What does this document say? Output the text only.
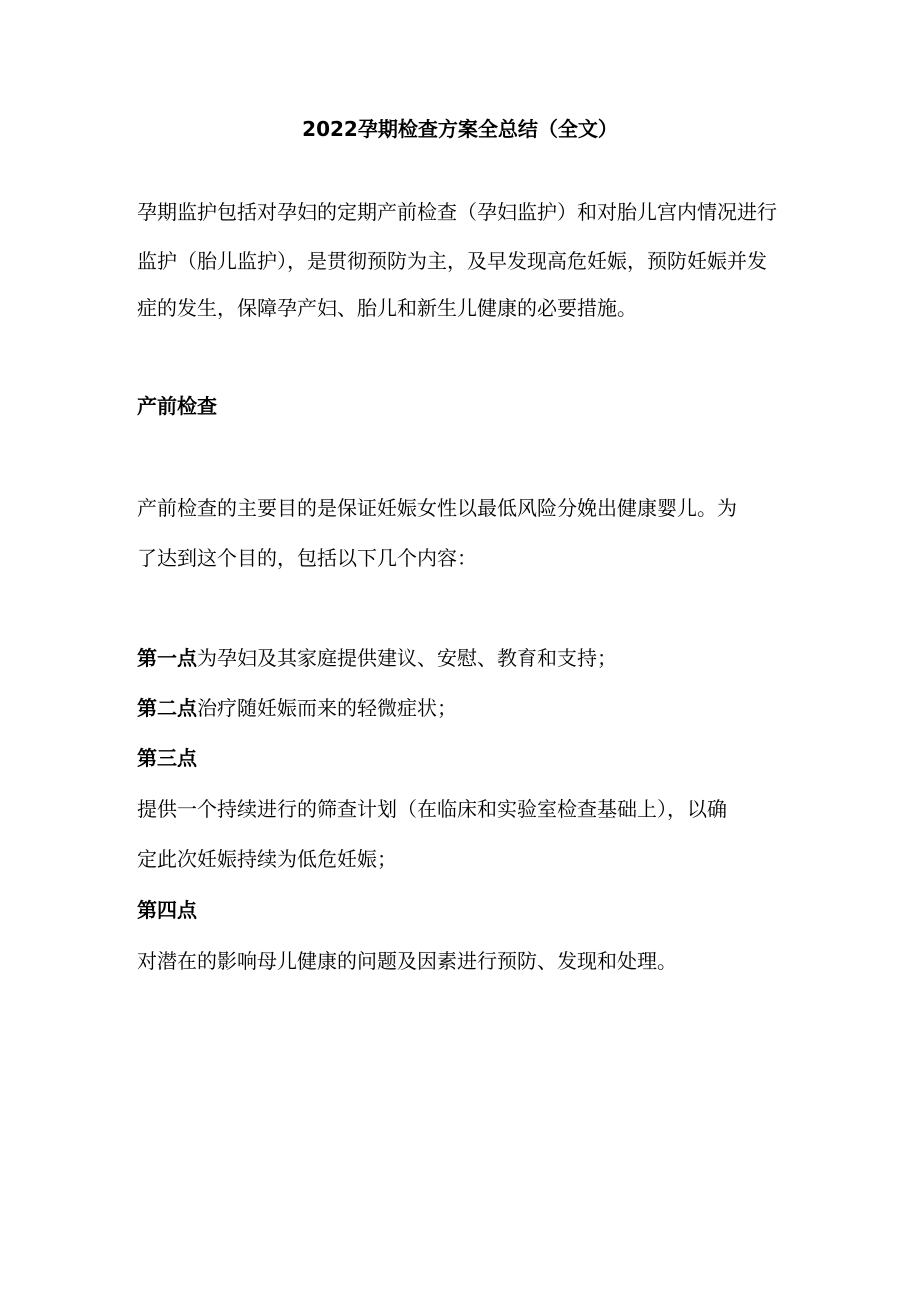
2022孕期检查方案全总结（全文）
孕期监护包括对孕妇的定期产前检查（孕妇监护）和对胎儿宫内情况进行
监护（胎儿监护），是贯彻预防为主，及早发现高危妊娠，预防妊娠并发
症的发生，保障孕产妇、胎儿和新生儿健康的必要措施。
产前检查
产前检查的主要目的是保证妊娠女性以最低风险分娩出健康婴儿。为
了达到这个目的，包括以下几个内容：
第一点为孕妇及其家庭提供建议、安慰、教育和支持；
第二点治疗随妊娠而来的轻微症状；
第三点
提供一个持续进行的筛查计划（在临床和实验室检查基础上），以确
定此次妊娠持续为低危妊娠；
第四点
对潜在的影响母儿健康的问题及因素进行预防、发现和处理。
